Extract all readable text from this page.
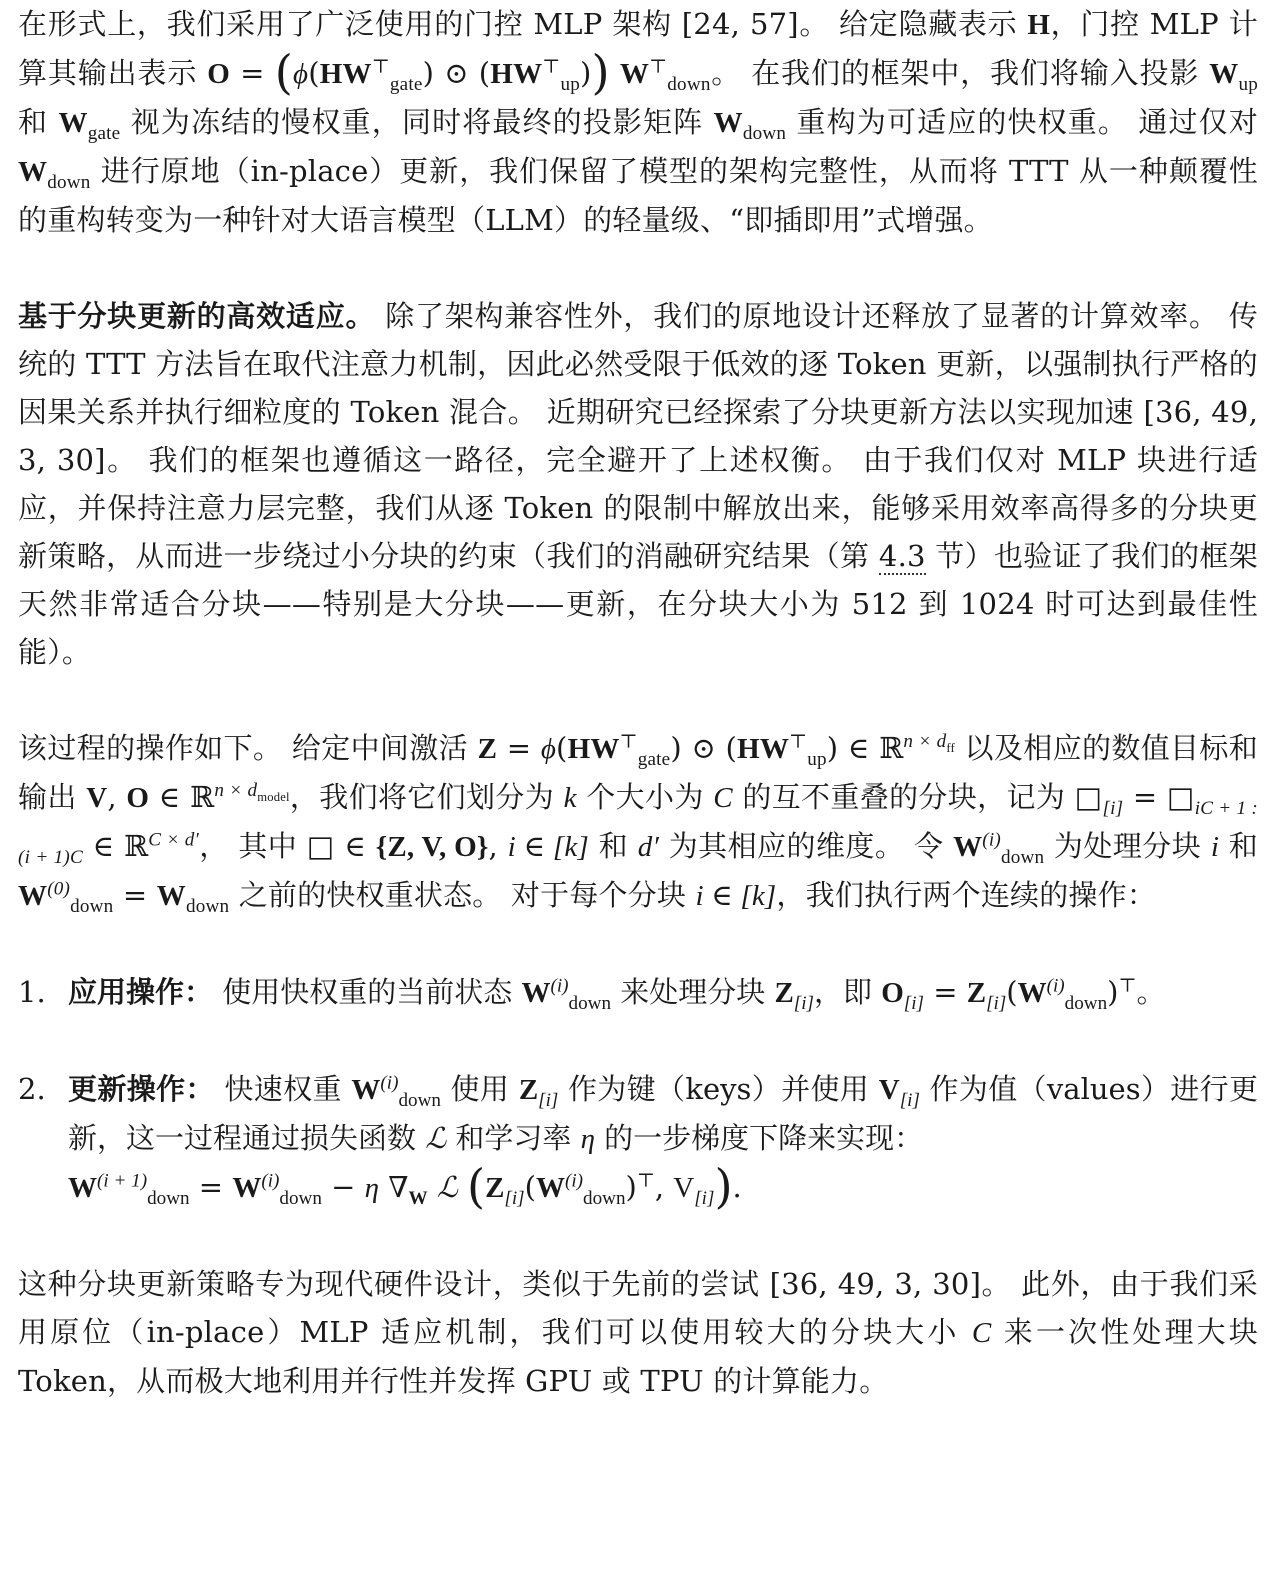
在形式上，我们采用了广泛使用的门控 MLP 架构 [24, 57]。 给定隐藏表示 H，门控 MLP 计算其输出表示 $O = (\phi(HW^⊤_{gate})$ ⊙ $(HW^⊤_{up})$) $W^⊤_{down}$。 在我们的框架中，我们将输入投影 $W_{up}$ 和 $W_{gate}$ 视为冻结的慢权重，同时将最终的投影矩阵 $W_{down}$ 重构为可适应的快权重。 通过仅对 $W_{down}$ 进行原地（in-place）更新，我们保留了模型的架构完整性，从而将 TTT 从一种颠覆性的重构转变为一种针对大语言模型（LLM）的轻量级、“即插即用”式增强。

基于分块更新的高效适应。 除了架构兼容性外，我们的原地设计还释放了显著的计算效率。 传统的 TTT 方法旨在取代注意力机制，因此必然受限于低效的逐 Token 更新，以强制执行严格的因果关系并执行细粒度的 Token 混合。 近期研究已经探索了分块更新方法以实现加速 [36, 49, 3, 30]。 我们的框架也遵循这一路径，完全避开了上述权衡。 由于我们仅对 MLP 块进行适应，并保持注意力层完整，我们从逐 Token 的限制中解放出来，能够采用效率高得多的分块更新策略，从而进一步绕过小分块的约束（我们的消融研究结果（第 4.3 节）也验证了我们的框架天然非常适合分块——特别是大分块——更新，在分块大小为 512 到 1024 时可达到最佳性能）。

该过程的操作如下。 给定中间激活 $Z = \phi(HW^⊤_{gate})$ ⊙ $(HW^⊤_{up})$ ∈ ℝ$^{n \times d_{ff}}$ 以及相应的数值目标和输出 V, O ∈ ℝ$^{n \times d_{model}}$，我们将它们划分为 k 个大小为 C 的互不重叠的分块，记为 $□_{[i]}$ = $□_{iC + 1 : (i + 1)C}$ ∈ ℝ$^{C \times d'}$， 其中 □ ∈ {Z, V, O}, i ∈ [k] 和 d′ 为其相应的维度。 令 $W^{(i)}_{down}$ 为处理分块 i 和 $W^{(0)}_{down} = W_{down}$ 之前的快权重状态。 对于每个分块 i ∈ [k]，我们执行两个连续的操作：

1. 应用操作： 使用快权重的当前状态 $W^{(i)}_{down}$ 来处理分块 $Z_{[i]}$，即 $O_{[i]} = Z_{[i]}(W^{(i)}_{down})^⊤$。
2. 更新操作： 快速权重 $W^{(i)}_{down}$ 使用 $Z_{[i]}$ 作为键（keys）并使用 $V_{[i]}$ 作为值（values）进行更新，这一过程通过损失函数 ℒ 和学习率 η 的一步梯度下降来实现：
$W^{(i + 1)}_{down} = W^{(i)}_{down} - \eta$ $\nabla_W$ ℒ ($Z_{[i]}(W^{(i)}_{down})^⊤$, $V_{[i]}$).

这种分块更新策略专为现代硬件设计，类似于先前的尝试 [36, 49, 3, 30]。 此外，由于我们采用原位（in-place）MLP 适应机制，我们可以使用较大的分块大小 C 来一次性处理大块 Token，从而极大地利用并行性并发挥 GPU 或 TPU 的计算能力。
